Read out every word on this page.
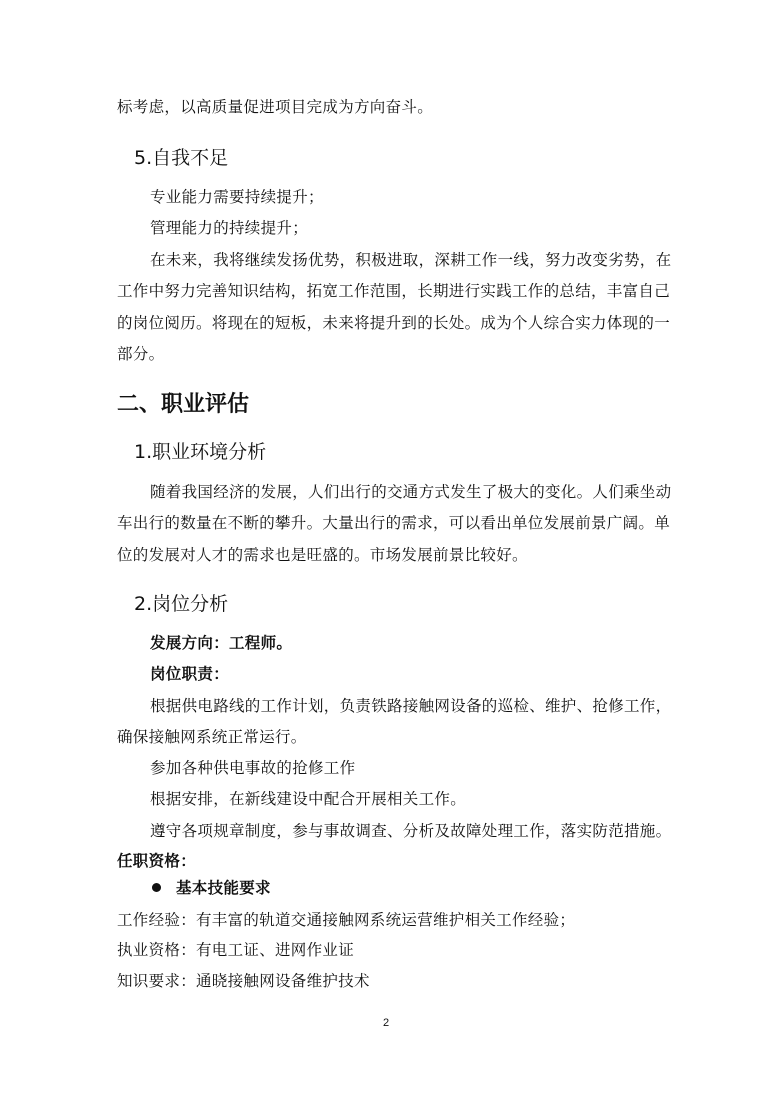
标考虑，以高质量促进项目完成为方向奋斗。
5.自我不足
专业能力需要持续提升；
管理能力的持续提升；
在未来，我将继续发扬优势，积极进取，深耕工作一线，努力改变劣势，在
工作中努力完善知识结构，拓宽工作范围，长期进行实践工作的总结，丰富自己
的岗位阅历。将现在的短板，未来将提升到的长处。成为个人综合实力体现的一
部分。
二、职业评估
1.职业环境分析
随着我国经济的发展，人们出行的交通方式发生了极大的变化。人们乘坐动
车出行的数量在不断的攀升。大量出行的需求，可以看出单位发展前景广阔。单
位的发展对人才的需求也是旺盛的。市场发展前景比较好。
2.岗位分析
发展方向：工程师。
岗位职责：
根据供电路线的工作计划，负责铁路接触网设备的巡检、维护、抢修工作，
确保接触网系统正常运行。
参加各种供电事故的抢修工作
根据安排，在新线建设中配合开展相关工作。
遵守各项规章制度，参与事故调查、分析及故障处理工作，落实防范措施。
任职资格：
基本技能要求
工作经验：有丰富的轨道交通接触网系统运营维护相关工作经验；
执业资格：有电工证、进网作业证
知识要求：通晓接触网设备维护技术
2
